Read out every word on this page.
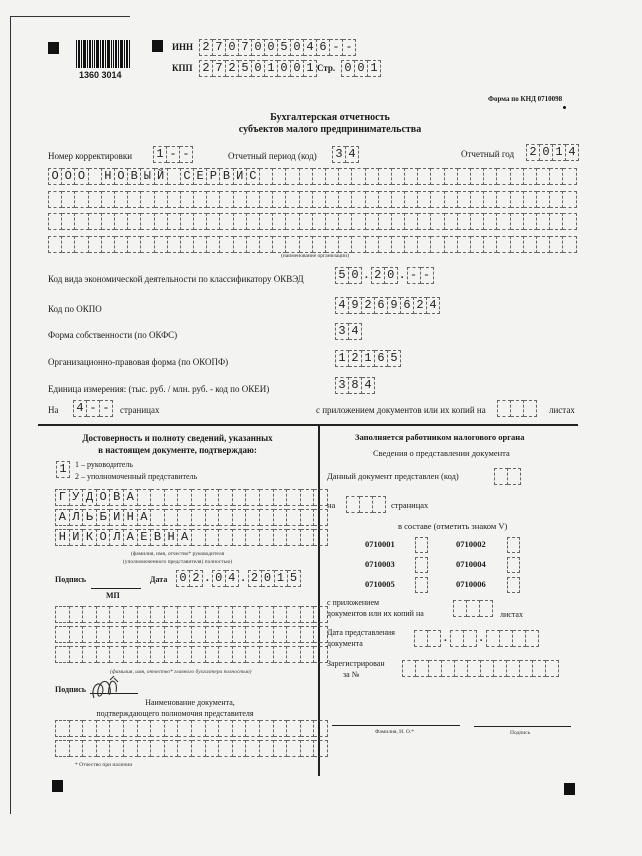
1360 3014
ИНН 2 7 0 7 0 0 5 0 4 6 - -
КПП 2 7 2 5 0 1 0 0 1 Стр. 0 0 1
Форма по КНД 0710098
Бухгалтерская отчетность
субъектов малого предпринимательства
Номер корректировки 1 - -	Отчетный период (код) 3 4	Отчетный год 2 0 1 4
О О О Н О В Ы Й С Е Р В И С
(наименование организации)
Код вида экономической деятельности по классификатору ОКВЭД	5 0 . 2 0 . - -
Код по ОКПО	4 9 2 6 9 6 2 4
Форма собственности (по ОКФС)	3 4
Организационно-правовая форма (по ОКОПФ)	1 2 1 6 5
Единица измерения: (тыс. руб. / млн. руб. - код по ОКЕИ)	3 8 4
На 4 - -	страницах	с приложением документов или их копий на	листах
Достоверность и полноту сведений, указанных
в настоящем документе, подтверждаю:
1	1 – руководитель
2 – уполномоченный представитель
Г У Д О В А
А Л Ь Б И Н А
Н И К О Л А Е В Н А
(фамилия, имя, отчество* руководителя
(уполномоченного представителя) полностью)
Подпись
МП
Дата 0 2 . 0 4 . 2 0 1 5
(фамилия, имя, отчество* главного бухгалтера полностью)
Подпись
Наименование документа,
подтверждающего полномочия представителя
* Отчество при наличии
Заполняется работником налогового органа
Сведения о представлении документа
Данный документ представлен (код)
на	страницах
в составе (отметить знаком V)
0710001	0710002
0710003	0710004
0710005	0710006
с приложением
документов или их копий на	листах
Дата представления
документа	.	.
Зарегистрирован
за №
Фамилия, И. О.*	Подпись
